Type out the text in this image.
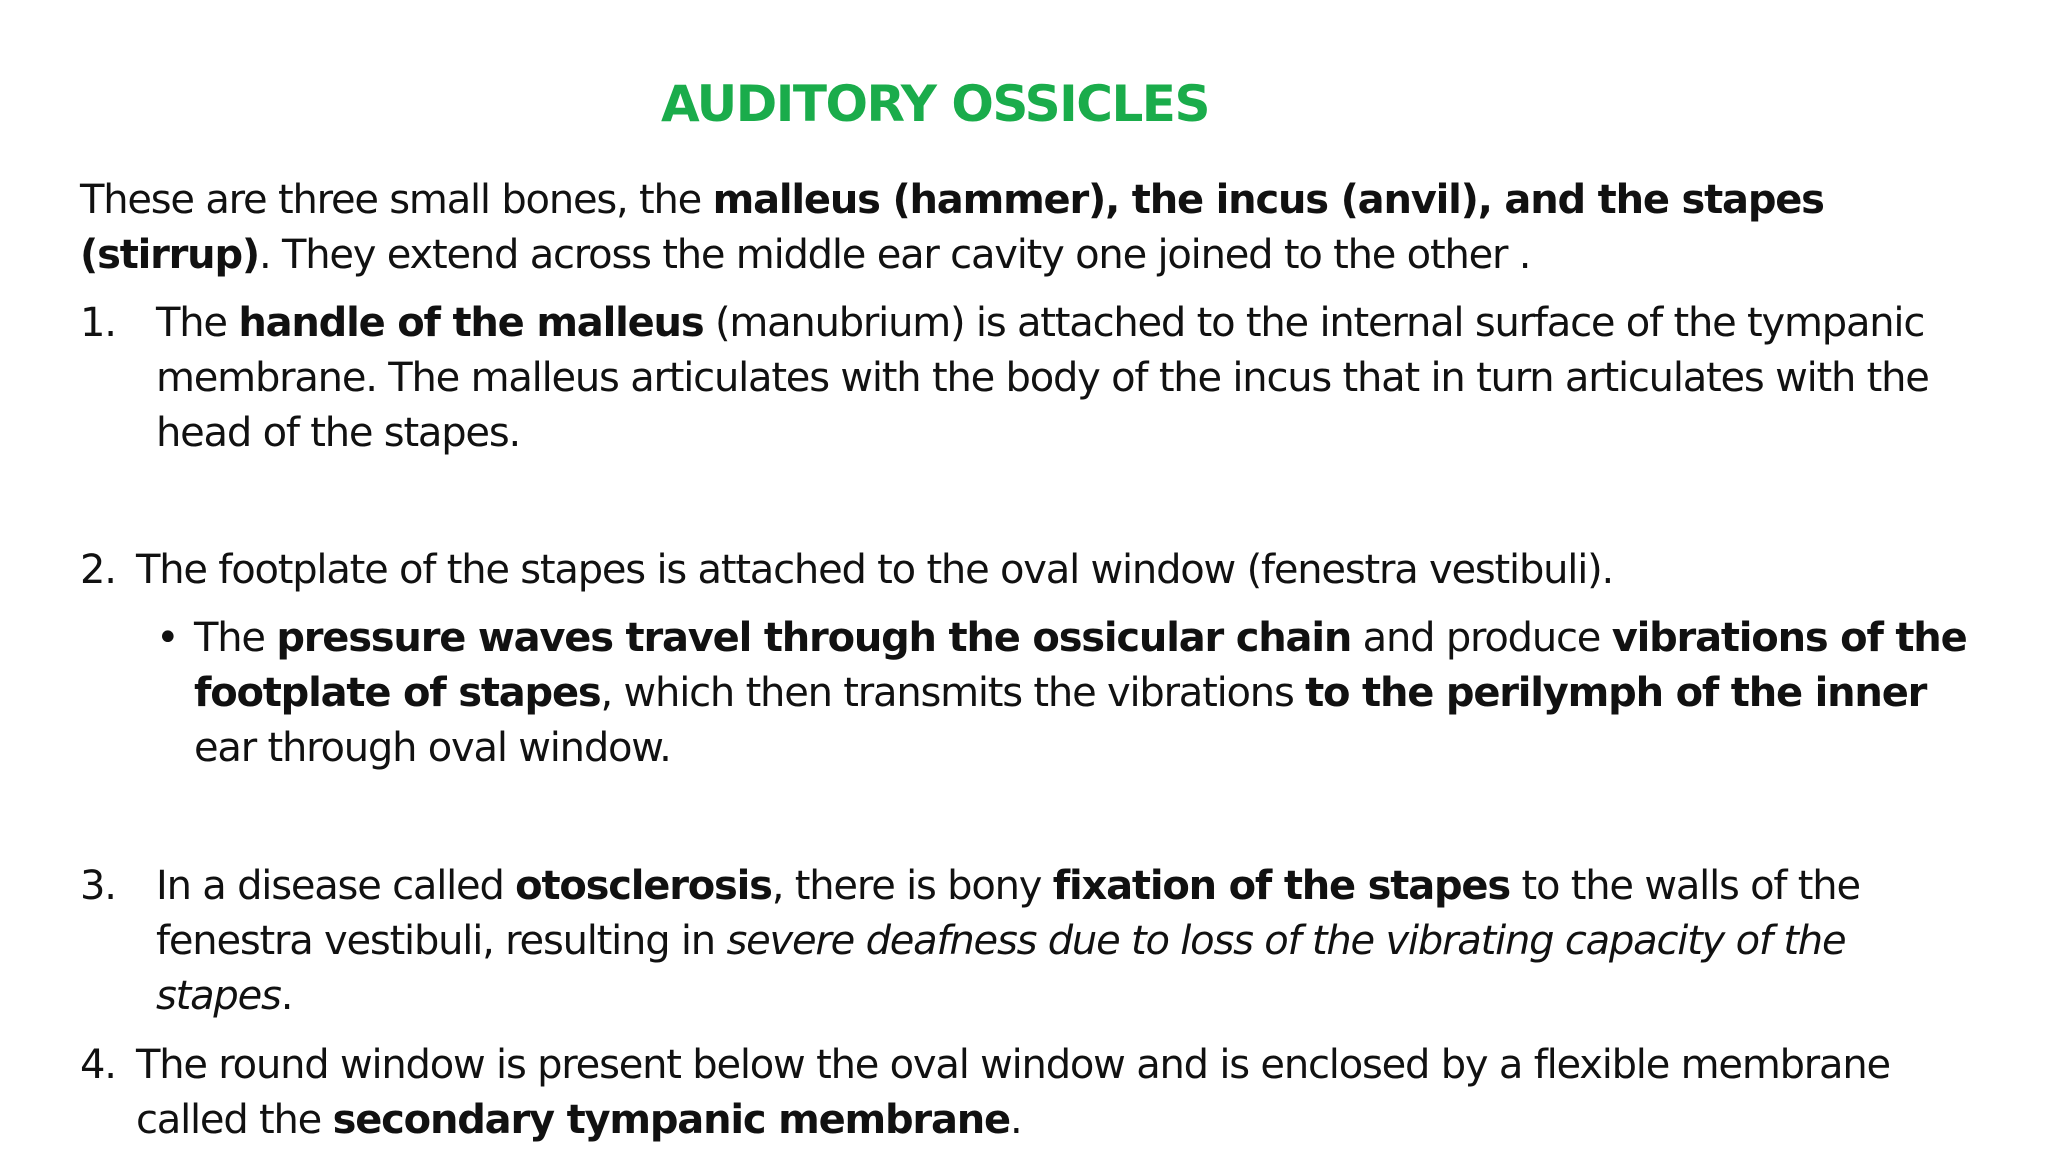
AUDITORY OSSICLES

These are three small bones, the malleus (hammer), the incus (anvil), and the stapes (stirrup). They extend across the middle ear cavity one joined to the other .

1. The handle of the malleus (manubrium) is attached to the internal surface of the tympanic membrane. The malleus articulates with the body of the incus that in turn articulates with the head of the stapes.
2. The footplate of the stapes is attached to the oval window (fenestra vestibuli).
• The pressure waves travel through the ossicular chain and produce vibrations of the footplate of stapes, which then transmits the vibrations to the perilymph of the inner ear through oval window.
3. In a disease called otosclerosis, there is bony fixation of the stapes to the walls of the fenestra vestibuli, resulting in severe deafness due to loss of the vibrating capacity of the stapes.
4. The round window is present below the oval window and is enclosed by a flexible membrane called the secondary tympanic membrane.
